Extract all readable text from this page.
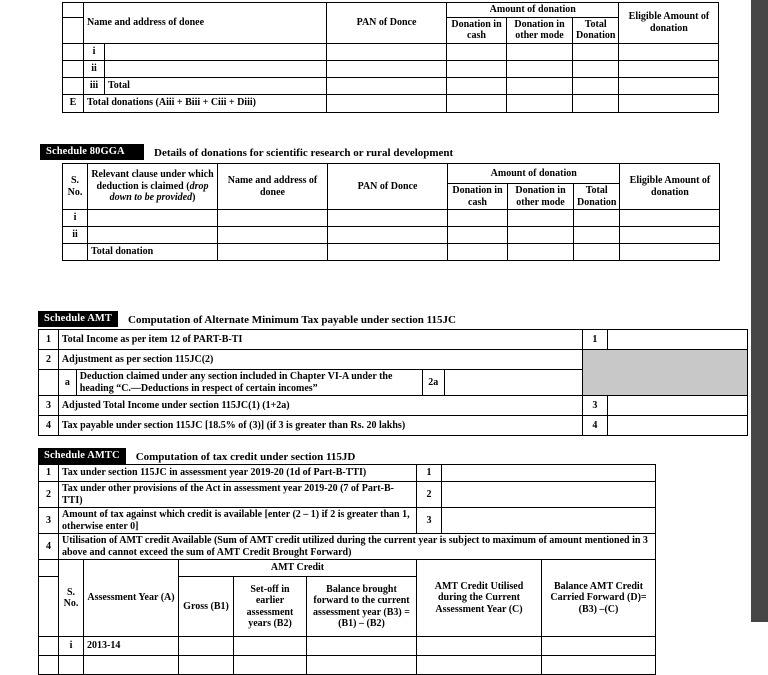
	Name and address of donee		PAN of Donce	Amount of donation			Eligible Amount of donation
				Donation in cash	Donation in other mode	Total Donation	
	i						
	ii						
	iii	Total					
E	Total donations (Aiii + Biii + Ciii + Diii)						
Schedule 80GGA	Details of donations for scientific research or rural development
S. No.	Relevant clause under which deduction is claimed (drop down to be provided)	Name and address of donee	PAN of Donce	Amount of donation			Eligible Amount of donation
				Donation in cash	Donation in other mode	Total Donation	
i							
ii							
	Total donation						
Schedule AMT	Computation of Alternate Minimum Tax payable under section 115JC
1	Total Income as per item 12 of PART-B-TI				1	
2	Adjustment as per section 115JC(2)					
	a	Deduction claimed under any section included in Chapter VI-A under the heading “C.—Deductions in respect of certain incomes”	2a			
3	Adjusted Total Income under section 115JC(1) (1+2a)				3	
4	Tax payable under section 115JC [18.5% of (3)] (if 3 is greater than Rs. 20 lakhs)				4	
Schedule AMTC	Computation of tax credit under section 115JD
1	Tax under section 115JC in assessment year 2019-20 (1d of Part-B-TTI)					1		
2	Tax under other provisions of the Act in assessment year 2019-20 (7 of Part-B-TTI)					2		
3	Amount of tax against which credit is available [enter (2 – 1) if 2 is greater than 1, otherwise enter 0]					3		
4	Utilisation of AMT credit Available (Sum of AMT credit utilized during the current year is subject to maximum of amount mentioned in 3 above and cannot exceed the sum of AMT Credit Brought Forward)							
	S. No.	Assessment Year (A)	AMT Credit			AMT Credit Utilised during the Current Assessment Year (C)		Balance AMT Credit Carried Forward (D)= (B3) –(C)
			Gross (B1)	Set-off in earlier assessment years (B2)	Balance brought forward to the current assessment year (B3) = (B1) – (B2)			
	i	2013-14						
